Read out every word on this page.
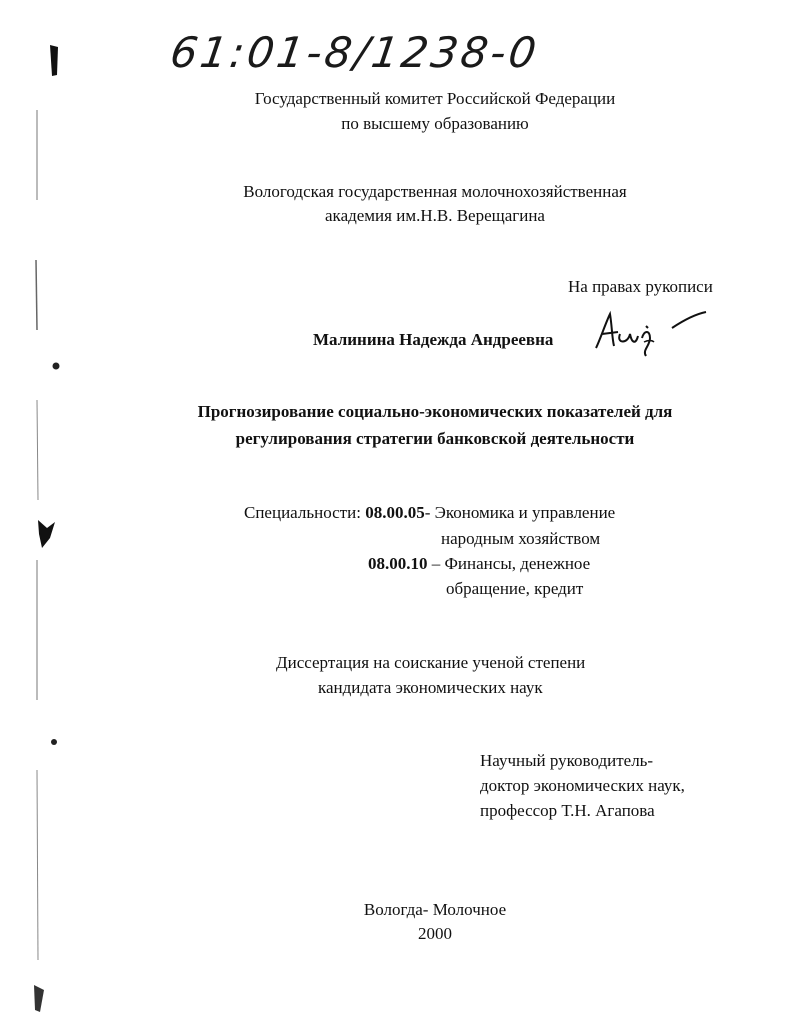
61:01-8/1238-0
Государственный комитет Российской Федерации
по высшему образованию
Вологодская государственная молочнохозяйственная
академия им.Н.В. Верещагина
На правах рукописи
Малинина Надежда Андреевна
Прогнозирование социально-экономических показателей для
регулирования стратегии банковской деятельности
Специальности: 08.00.05- Экономика и управление
народным хозяйством
08.00.10 – Финансы, денежное
обращение, кредит
Диссертация на соискание ученой степени
кандидата экономических наук
Научный руководитель-
доктор экономических наук,
профессор Т.Н. Агапова
Вологда- Молочное
2000
